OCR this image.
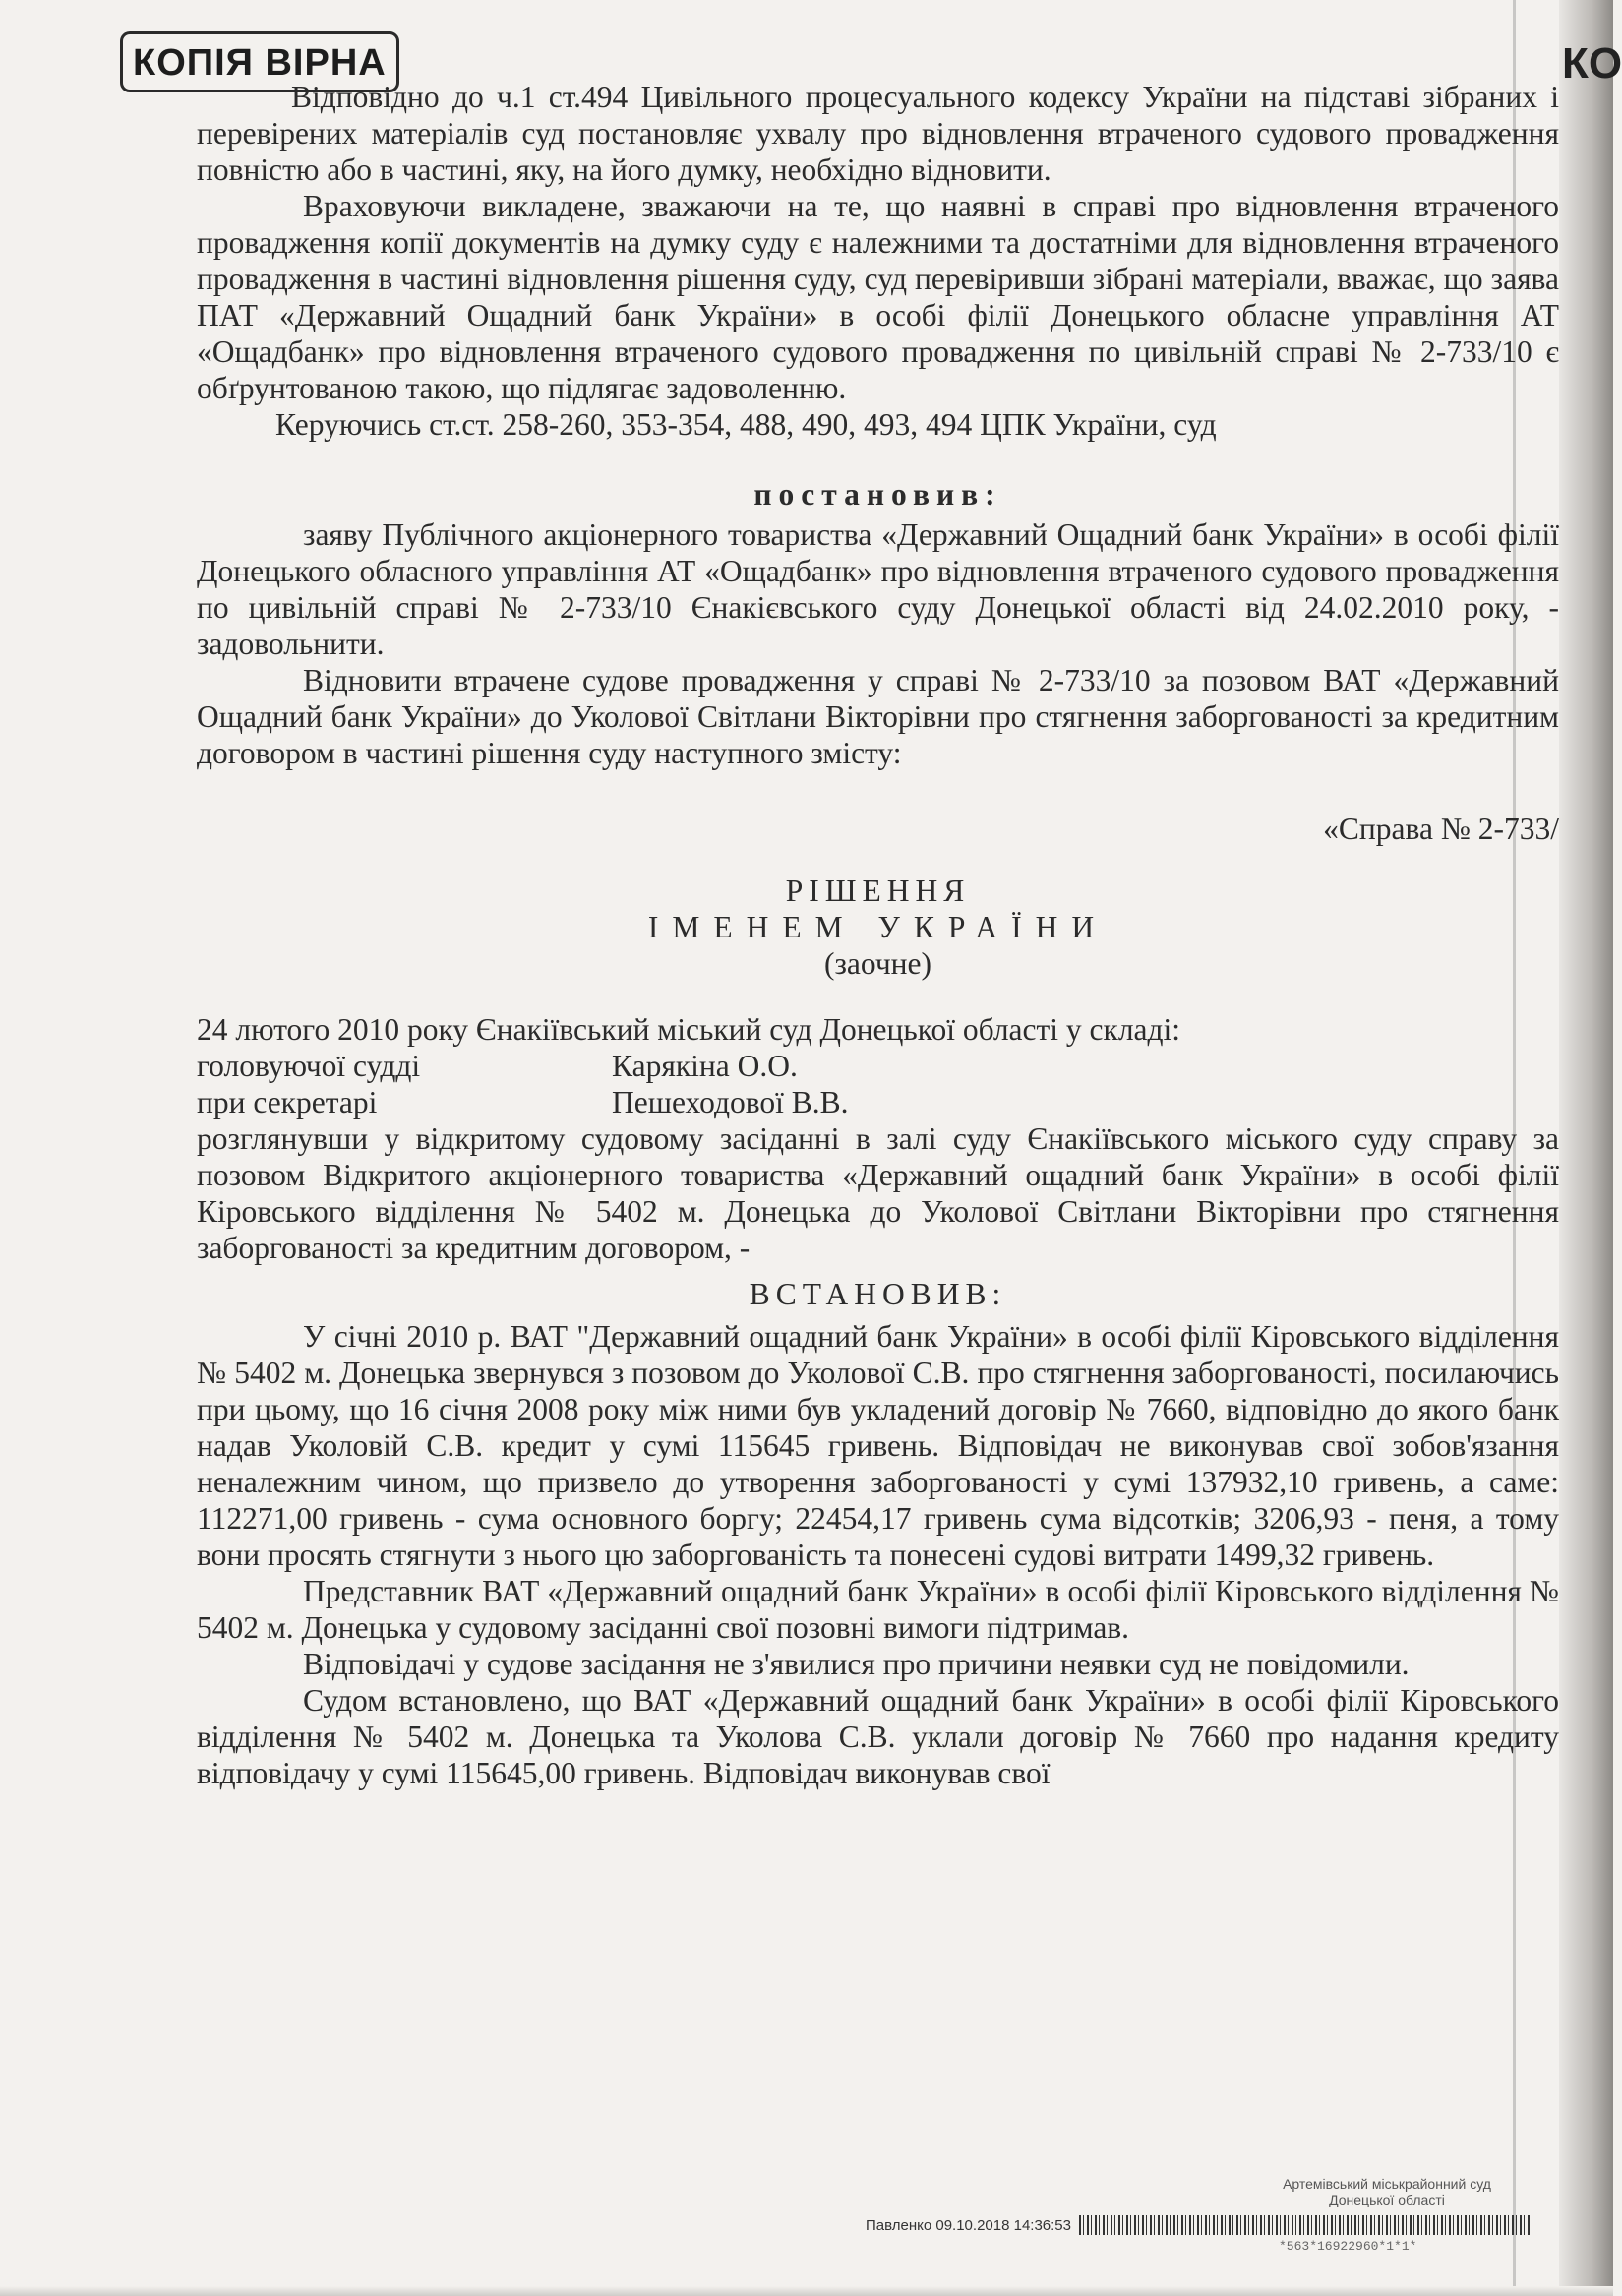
КОПІЯ ВІРНА	КО

Відповідно до ч.1 ст.494 Цивільного процесуального кодексу України на підставі зібраних і перевірених матеріалів суд постановляє ухвалу про відновлення втраченого судового провадження повністю або в частині, яку, на його думку, необхідно відновити.

Враховуючи викладене, зважаючи на те, що наявні в справі про відновлення втраченого провадження копії документів на думку суду є належними та достатніми для відновлення втраченого провадження в частині відновлення рішення суду, суд перевіривши зібрані матеріали, вважає, що заява ПАТ «Державний Ощадний банк України» в особі філії Донецького обласне управління АТ «Ощадбанк» про відновлення втраченого судового провадження по цивільній справі № 2-733/10 є обґрунтованою такою, що підлягає задоволенню.

Керуючись ст.ст. 258-260, 353-354, 488, 490, 493, 494 ЦПК України, суд

постановив:

заяву Публічного акціонерного товариства «Державний Ощадний банк України» в особі філії Донецького обласного управління АТ «Ощадбанк» про відновлення втраченого судового провадження по цивільній справі № 2-733/10 Єнакієвського суду Донецької області від 24.02.2010 року, - задовольнити.

Відновити втрачене судове провадження у справі № 2-733/10 за позовом ВАТ «Державний Ощадний банк України» до Уколової Світлани Вікторівни про стягнення заборгованості за кредитним договором в частині рішення суду наступного змісту:

«Справа № 2-733/

РІШЕННЯ

ІМЕНЕМ УКРАЇНИ

(заочне)

24 лютого 2010 року Єнакіївський міський суд Донецької області у складі:

головуючої судді	Карякіна О.О.
при секретарі	Пешеходової В.В.

розглянувши у відкритому судовому засіданні в залі суду Єнакіївського міського суду справу за позовом Відкритого акціонерного товариства «Державний ощадний банк України» в особі філії Кіровського відділення № 5402 м. Донецька до Уколової Світлани Вікторівни про стягнення заборгованості за кредитним договором, -

ВСТАНОВИВ:

У січні 2010 р. ВАТ "Державний ощадний банк України» в особі філії Кіровського відділення № 5402 м. Донецька звернувся з позовом до Уколової С.В. про стягнення заборгованості, посилаючись при цьому, що 16 січня 2008 року між ними був укладений договір № 7660, відповідно до якого банк надав Уколовій С.В. кредит у сумі 115645 гривень. Відповідач не виконував свої зобов'язання неналежним чином, що призвело до утворення заборгованості у сумі 137932,10 гривень, а саме: 112271,00 гривень - сума основного боргу; 22454,17 гривень сума відсотків; 3206,93 - пеня, а тому вони просять стягнути з нього цю заборгованість та понесені судові витрати 1499,32 гривень.

Представник ВАТ «Державний ощадний банк України» в особі філії Кіровського відділення № 5402 м. Донецька у судовому засіданні свої позовні вимоги підтримав.

Відповідачі у судове засідання не з'явилися про причини неявки суд не повідомили.

Судом встановлено, що ВАТ «Державний ощадний банк України» в особі філії Кіровського відділення № 5402 м. Донецька та Уколова С.В. уклали договір № 7660 про надання кредиту відповідачу у сумі 115645,00 гривень. Відповідач виконував свої

Артемівський міськрайонний суд
Донецької області
Павленко 09.10.2018 14:36:53
*563*16922960*1*1*
